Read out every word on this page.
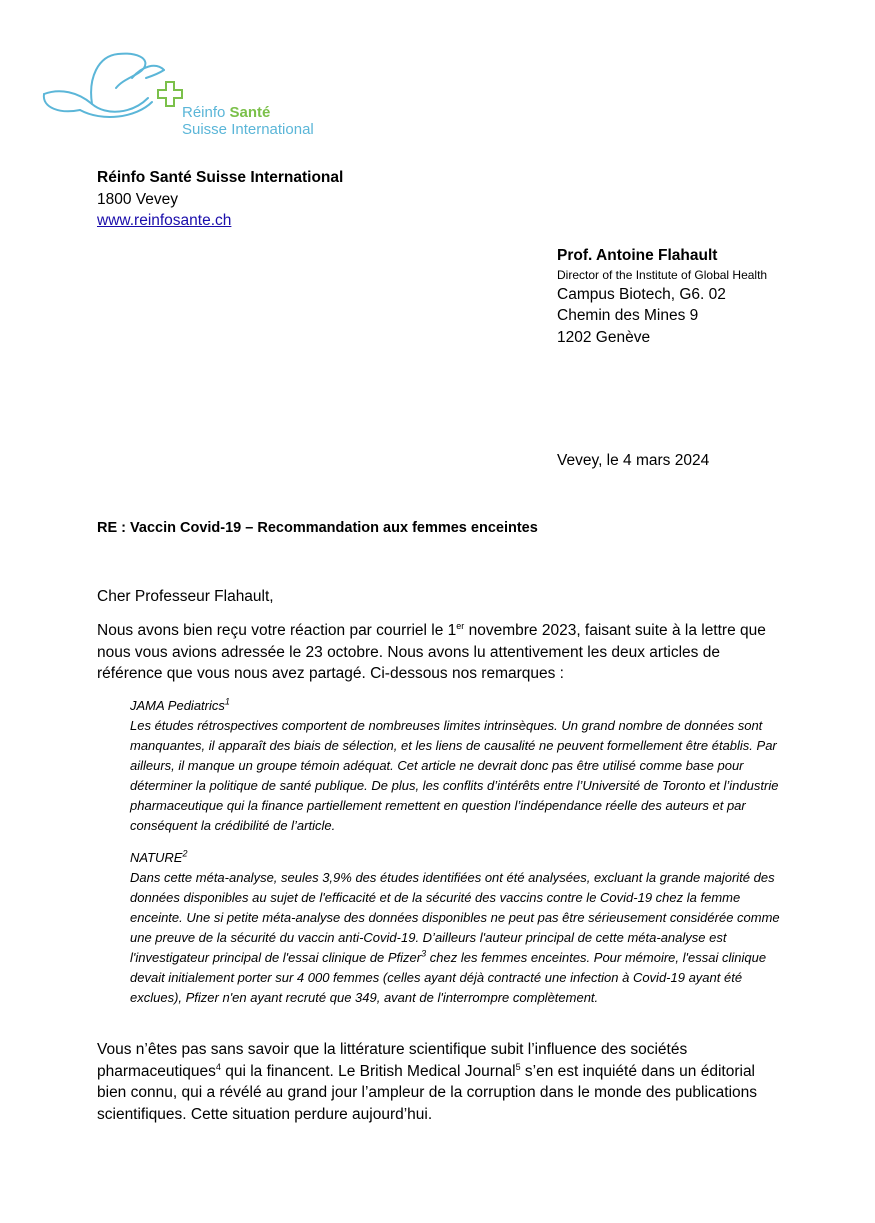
Réinfo Santé
Suisse International
Réinfo Santé Suisse International
1800 Vevey
www.reinfosante.ch
Prof. Antoine Flahault
Director of the Institute of Global Health
Campus Biotech, G6. 02
Chemin des Mines 9
1202 Genève
Vevey, le 4 mars 2024
RE : Vaccin Covid-19 – Recommandation aux femmes enceintes
Cher Professeur Flahault,
Nous avons bien reçu votre réaction par courriel le 1er novembre 2023, faisant suite à la lettre que nous vous avions adressée le 23 octobre. Nous avons lu attentivement les deux articles de référence que vous nous avez partagé. Ci-dessous nos remarques :
JAMA Pediatrics$^1$
Les études rétrospectives comportent de nombreuses limites intrinsèques. Un grand nombre de données sont manquantes, il apparaît des biais de sélection, et les liens de causalité ne peuvent formellement être établis. Par ailleurs, il manque un groupe témoin adéquat. Cet article ne devrait donc pas être utilisé comme base pour déterminer la politique de santé publique. De plus, les conflits d’intérêts entre l’Université de Toronto et l’industrie pharmaceutique qui la finance partiellement remettent en question l’indépendance réelle des auteurs et par conséquent la crédibilité de l’article.
NATURE$^2$
Dans cette méta-analyse, seules 3,9% des études identifiées ont été analysées, excluant la grande majorité des données disponibles au sujet de l'efficacité et de la sécurité des vaccins contre le Covid-19 chez la femme enceinte. Une si petite méta-analyse des données disponibles ne peut pas être sérieusement considérée comme une preuve de la sécurité du vaccin anti-Covid-19. D’ailleurs l'auteur principal de cette méta-analyse est l'investigateur principal de l'essai clinique de Pfizer$^3$ chez les femmes enceintes. Pour mémoire, l'essai clinique devait initialement porter sur 4 000 femmes (celles ayant déjà contracté une infection à Covid-19 ayant été exclues), Pfizer n'en ayant recruté que 349, avant de l'interrompre complètement.
Vous n’êtes pas sans savoir que la littérature scientifique subit l’influence des sociétés pharmaceutiques$^4$ qui la financent. Le British Medical Journal$^5$ s’en est inquiété dans un éditorial bien connu, qui a révélé au grand jour l’ampleur de la corruption dans le monde des publications scientifiques. Cette situation perdure aujourd’hui.
